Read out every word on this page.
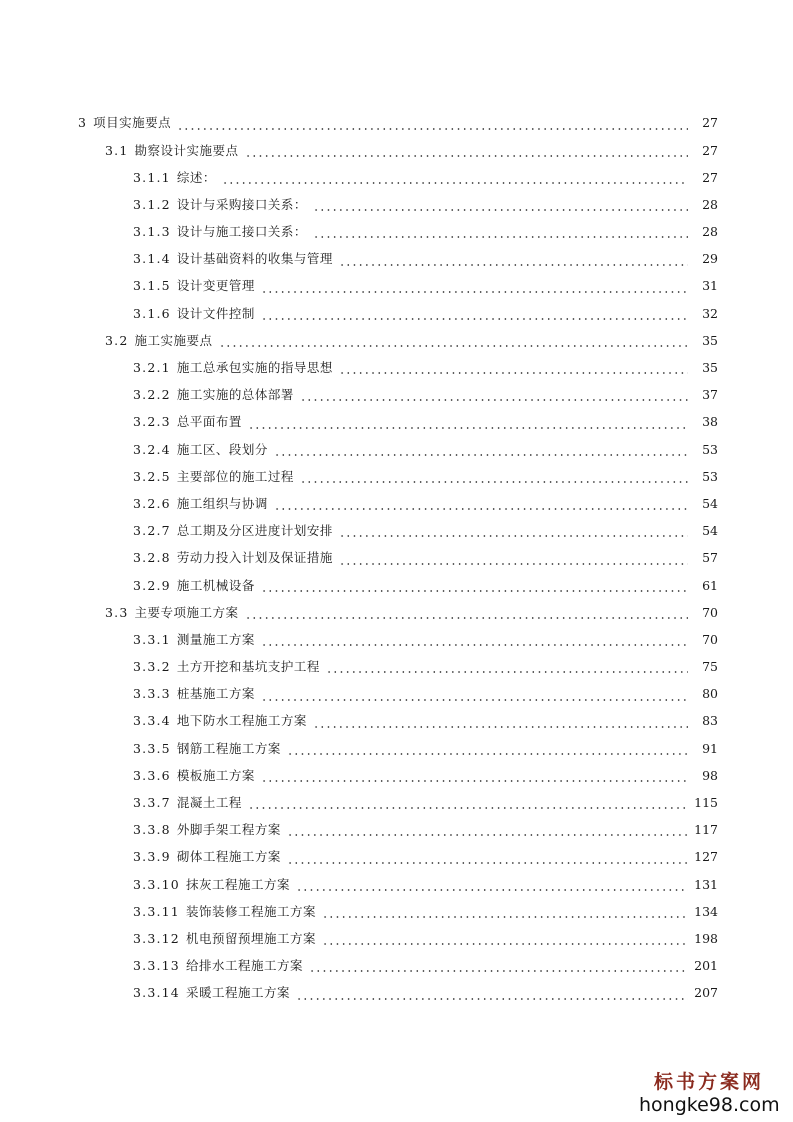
3 项目实施要点	27
3.1 勘察设计实施要点	27
3.1.1 综述：	27
3.1.2 设计与采购接口关系：	28
3.1.3 设计与施工接口关系：	28
3.1.4 设计基础资料的收集与管理	29
3.1.5 设计变更管理	31
3.1.6 设计文件控制	32
3.2 施工实施要点	35
3.2.1 施工总承包实施的指导思想	35
3.2.2 施工实施的总体部署	37
3.2.3 总平面布置	38
3.2.4 施工区、段划分	53
3.2.5 主要部位的施工过程	53
3.2.6 施工组织与协调	54
3.2.7 总工期及分区进度计划安排	54
3.2.8 劳动力投入计划及保证措施	57
3.2.9 施工机械设备	61
3.3 主要专项施工方案	70
3.3.1 测量施工方案	70
3.3.2 土方开挖和基坑支护工程	75
3.3.3 桩基施工方案	80
3.3.4 地下防水工程施工方案	83
3.3.5 钢筋工程施工方案	91
3.3.6 模板施工方案	98
3.3.7 混凝土工程	115
3.3.8 外脚手架工程方案	117
3.3.9 砌体工程施工方案	127
3.3.10 抹灰工程施工方案	131
3.3.11 装饰装修工程施工方案	134
3.3.12 机电预留预埋施工方案	198
3.3.13 给排水工程施工方案	201
3.3.14 采暖工程施工方案	207
标书方案网
hongke98.com
